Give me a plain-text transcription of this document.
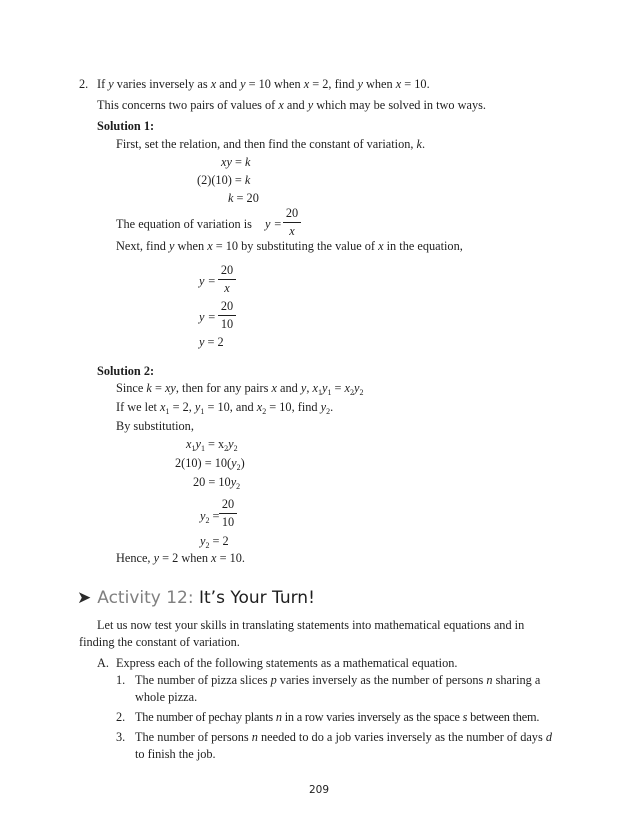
2. If y varies inversely as x and y = 10 when x = 2, find y when x = 10.
This concerns two pairs of values of x and y which may be solved in two ways.
Solution 1:
First, set the relation, and then find the constant of variation, k.
xy = k
(2)(10) = k
k = 20
The equation of variation is y =
20
x
Next, find y when x = 10 by substituting the value of x in the equation,
y =
20
x
y =
20
10
y = 2
Solution 2:
Since k = xy, then for any pairs x and y, $x_1y_1 = x_2y_2$
If we let $x_1 = 2$, $y_1 = 10$, and $x_2 = 10$, find $y_2$.
By substitution,
$x_1y_1 = x_2y_2$
$2(10) = 10(y_2)$
$20 = 10y_2$
$y_2$ =
20
10
$y_2 = 2$
Hence, y = 2 when x = 10.
➤ Activity 12: It’s Your Turn!
Let us now test your skills in translating statements into mathematical equations and in finding the constant of variation.
A. Express each of the following statements as a mathematical equation.
1. The number of pizza slices p varies inversely as the number of persons n sharing a whole pizza.
2. The number of pechay plants n in a row varies inversely as the space s between them.
3. The number of persons n needed to do a job varies inversely as the number of days d to finish the job.
209
